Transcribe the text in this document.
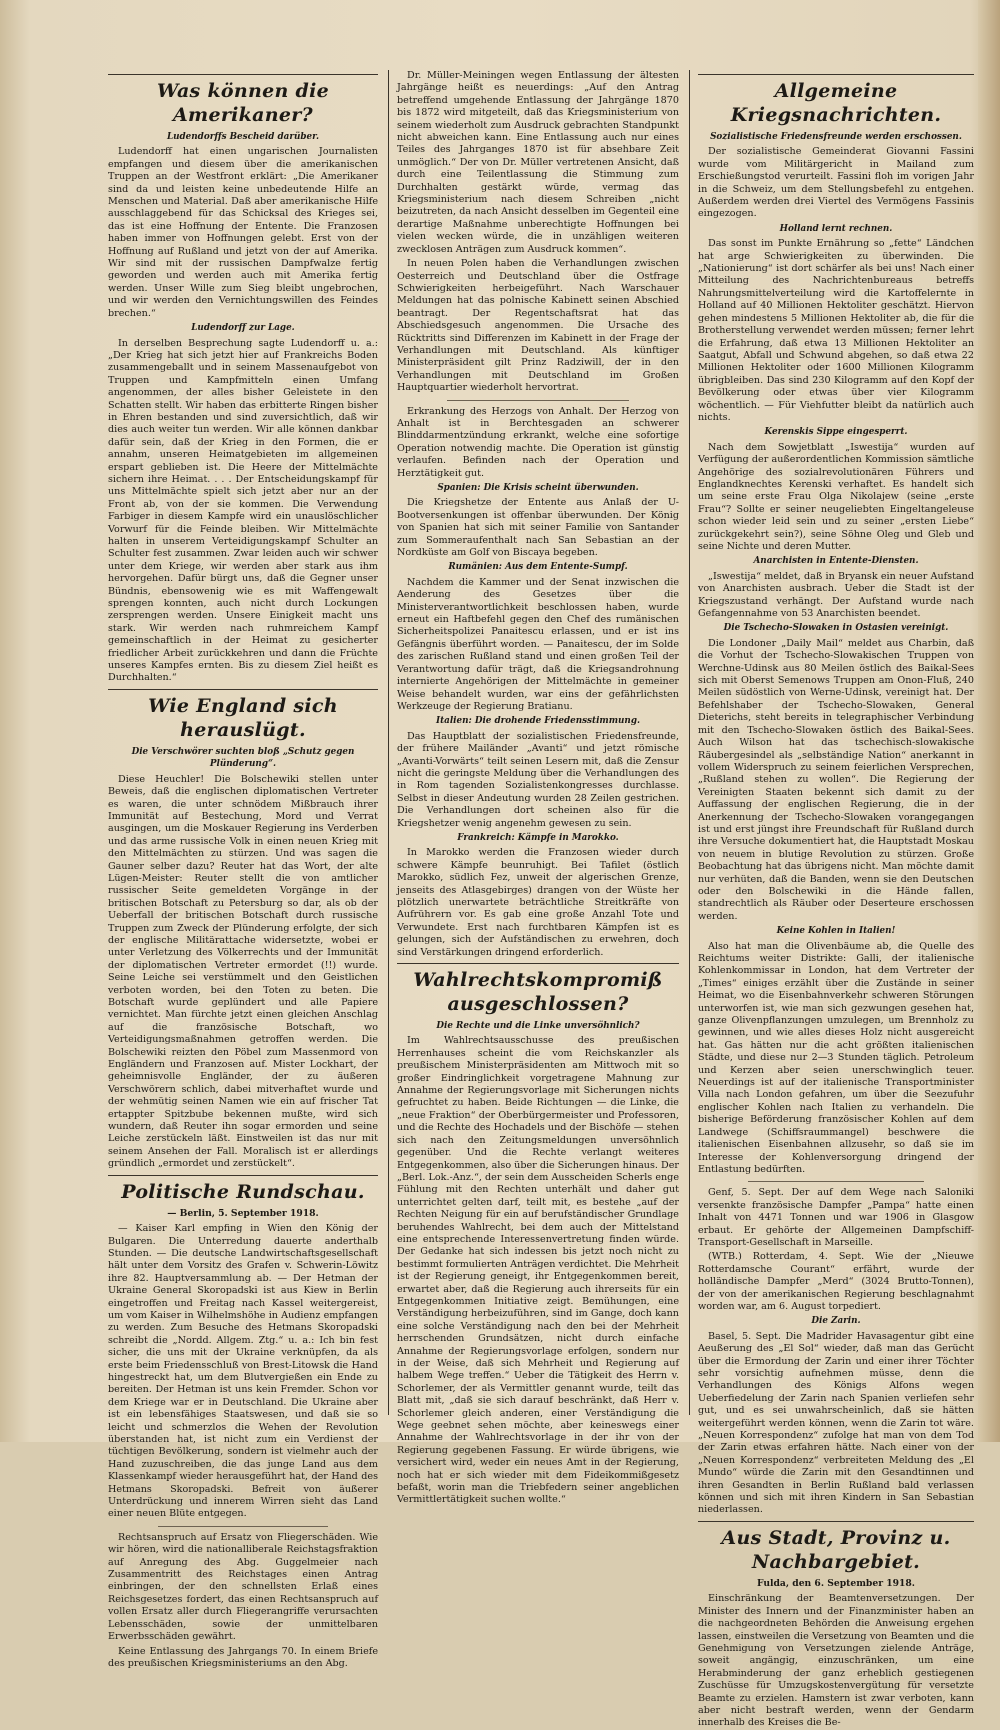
Was können die Amerikaner?
Ludendorffs Bescheid darüber.

Ludendorff hat einen ungarischen Journalisten empfangen und diesem über die amerikanischen Truppen an der Westfront erklärt: „Die Amerikaner sind da und leisten keine unbedeutende Hilfe an Menschen und Material. Daß aber amerikanische Hilfe ausschlaggebend für das Schicksal des Krieges sei, das ist eine Hoffnung der Entente. Die Franzosen haben immer von Hoffnungen gelebt. Erst von der Hoffnung auf Rußland und jetzt von der auf Amerika. Wir sind mit der russischen Dampfwalze fertig geworden und werden auch mit Amerika fertig werden. Unser Wille zum Sieg bleibt ungebrochen, und wir werden den Vernichtungswillen des Feindes brechen.“

Ludendorff zur Lage.

In derselben Besprechung sagte Ludendorff u. a.: „Der Krieg hat sich jetzt hier auf Frankreichs Boden zusammengeballt und in seinem Massenaufgebot von Truppen und Kampfmitteln einen Umfang angenommen, der alles bisher Geleistete in den Schatten stellt. Wir haben das erbitterte Ringen bisher in Ehren bestanden und sind zuversichtlich, daß wir dies auch weiter tun werden. Wir alle können dankbar dafür sein, daß der Krieg in den Formen, die er annahm, unseren Heimatgebieten im allgemeinen erspart geblieben ist. Die Heere der Mittelmächte sichern ihre Heimat. . . . Der Entscheidungskampf für uns Mittelmächte spielt sich jetzt aber nur an der Front ab, von der sie kommen. Die Verwendung Farbiger in diesem Kampfe wird ein unauslöschlicher Vorwurf für die Feinde bleiben. Wir Mittelmächte halten in unserem Verteidigungskampf Schulter an Schulter fest zusammen. Zwar leiden auch wir schwer unter dem Kriege, wir werden aber stark aus ihm hervorgehen. Dafür bürgt uns, daß die Gegner unser Bündnis, ebensowenig wie es mit Waffengewalt sprengen konnten, auch nicht durch Lockungen zersprengen werden. Unsere Einigkeit macht uns stark. Wir werden nach ruhmreichem Kampf gemeinschaftlich in der Heimat zu gesicherter friedlicher Arbeit zurückkehren und dann die Früchte unseres Kampfes ernten. Bis zu diesem Ziel heißt es Durchhalten.“

Wie England sich herauslügt.
Die Verschwörer suchten bloß „Schutz gegen Plünderung“.

Diese Heuchler! Die Bolschewiki stellen unter Beweis, daß die englischen diplomatischen Vertreter es waren, die unter schnödem Mißbrauch ihrer Immunität auf Bestechung, Mord und Verrat ausgingen, um die Moskauer Regierung ins Verderben und das arme russische Volk in einen neuen Krieg mit den Mittelmächten zu stürzen. Und was sagen die Gauner selber dazu? Reuter hat das Wort, der alte Lügen-Meister: Reuter stellt die von amtlicher russischer Seite gemeldeten Vorgänge in der britischen Botschaft zu Petersburg so dar, als ob der Ueberfall der britischen Botschaft durch russische Truppen zum Zweck der Plünderung erfolgte, der sich der englische Militärattache widersetzte, wobei er unter Verletzung des Völkerrechts und der Immunität der diplomatischen Vertreter ermordet (!!) wurde. Seine Leiche sei verstümmelt und den Geistlichen verboten worden, bei den Toten zu beten. Die Botschaft wurde geplündert und alle Papiere vernichtet. Man fürchte jetzt einen gleichen Anschlag auf die französische Botschaft, wo Verteidigungsmaßnahmen getroffen werden. Die Bolschewiki reizten den Pöbel zum Massenmord von Engländern und Franzosen auf. Mister Lockhart, der geheimnisvolle Engländer, der zu äußeren Verschwörern schlich, dabei mitverhaftet wurde und der wehmütig seinen Namen wie ein auf frischer Tat ertappter Spitzbube bekennen mußte, wird sich wundern, daß Reuter ihn sogar ermorden und seine Leiche zerstückeln läßt. Einstweilen ist das nur mit seinem Ansehen der Fall. Moralisch ist er allerdings gründlich „ermordet und zerstückelt“.

Politische Rundschau.
— Berlin, 5. September 1918.

— Kaiser Karl empfing in Wien den König der Bulgaren. Die Unterredung dauerte anderthalb Stunden. — Die deutsche Landwirtschaftsgesellschaft hält unter dem Vorsitz des Grafen v. Schwerin-Löwitz ihre 82. Hauptversammlung ab. — Der Hetman der Ukraine General Skoropadski ist aus Kiew in Berlin eingetroffen und Freitag nach Kassel weitergereist, um vom Kaiser in Wilhelmshöhe in Audienz empfangen zu werden. Zum Besuche des Hetmans Skoropadski schreibt die „Nordd. Allgem. Ztg.“ u. a.: Ich bin fest sicher, die uns mit der Ukraine verknüpfen, da als erste beim Friedensschluß von Brest-Litowsk die Hand hingestreckt hat, um dem Blutvergießen ein Ende zu bereiten. Der Hetman ist uns kein Fremder. Schon vor dem Kriege war er in Deutschland. Die Ukraine aber ist ein lebensfähiges Staatswesen, und daß sie so leicht und schmerzlos die Wehen der Revolution überstanden hat, ist nicht zum ein Verdienst der tüchtigen Bevölkerung, sondern ist vielmehr auch der Hand zuzuschreiben, die das junge Land aus dem Klassenkampf wieder herausgeführt hat, der Hand des Hetmans Skoropadski. Befreit von äußerer Unterdrückung und innerem Wirren sieht das Land einer neuen Blüte entgegen.

Rechtsanspruch auf Ersatz von Fliegerschäden. Wie wir hören, wird die nationalliberale Reichstagsfraktion auf Anregung des Abg. Guggelmeier nach Zusammentritt des Reichstages einen Antrag einbringen, der den schnellsten Erlaß eines Reichsgesetzes fordert, das einen Rechtsanspruch auf vollen Ersatz aller durch Fliegerangriffe verursachten Lebensschäden, sowie der unmittelbaren Erwerbsschäden gewährt.

Keine Entlassung des Jahrgangs 70. In einem Briefe des preußischen Kriegsministeriums an den Abg.

Dr. Müller-Meiningen wegen Entlassung der ältesten Jahrgänge heißt es neuerdings: „Auf den Antrag betreffend umgehende Entlassung der Jahrgänge 1870 bis 1872 wird mitgeteilt, daß das Kriegsministerium von seinem wiederholt zum Ausdruck gebrachten Standpunkt nicht abweichen kann. Eine Entlassung auch nur eines Teiles des Jahrganges 1870 ist für absehbare Zeit unmöglich.“ Der von Dr. Müller vertretenen Ansicht, daß durch eine Teilentlassung die Stimmung zum Durchhalten gestärkt würde, vermag das Kriegsministerium nach diesem Schreiben „nicht beizutreten, da nach Ansicht desselben im Gegenteil eine derartige Maßnahme unberechtigte Hoffnungen bei vielen wecken würde, die in unzähligen weiteren zwecklosen Anträgen zum Ausdruck kommen“.

In neuen Polen haben die Verhandlungen zwischen Oesterreich und Deutschland über die Ostfrage Schwierigkeiten herbeigeführt. Nach Warschauer Meldungen hat das polnische Kabinett seinen Abschied beantragt. Der Regentschaftsrat hat das Abschiedsgesuch angenommen. Die Ursache des Rücktritts sind Differenzen im Kabinett in der Frage der Verhandlungen mit Deutschland. Als künftiger Ministerpräsident gilt Prinz Radziwill, der in den Verhandlungen mit Deutschland im Großen Hauptquartier wiederholt hervortrat.

Erkrankung des Herzogs von Anhalt. Der Herzog von Anhalt ist in Berchtesgaden an schwerer Blinddarmentzündung erkrankt, welche eine sofortige Operation notwendig machte. Die Operation ist günstig verlaufen. Befinden nach der Operation und Herztätigkeit gut.

Spanien: Die Krisis scheint überwunden.

Die Kriegshetze der Entente aus Anlaß der U-Bootversenkungen ist offenbar überwunden. Der König von Spanien hat sich mit seiner Familie von Santander zum Sommeraufenthalt nach San Sebastian an der Nordküste am Golf von Biscaya begeben.

Rumänien: Aus dem Entente-Sumpf.

Nachdem die Kammer und der Senat inzwischen die Aenderung des Gesetzes über die Ministerverantwortlichkeit beschlossen haben, wurde erneut ein Haftbefehl gegen den Chef des rumänischen Sicherheitspolizei Panaitescu erlassen, und er ist ins Gefängnis überführt worden. — Panaitescu, der im Solde des zarischen Rußland stand und einen großen Teil der Verantwortung dafür trägt, daß die Kriegsandrohnung internierte Angehörigen der Mittelmächte in gemeiner Weise behandelt wurden, war eins der gefährlichsten Werkzeuge der Regierung Bratianu.

Italien: Die drohende Friedensstimmung.

Das Hauptblatt der sozialistischen Friedensfreunde, der frühere Mailänder „Avanti“ und jetzt römische „Avanti-Vorwärts“ teilt seinen Lesern mit, daß die Zensur nicht die geringste Meldung über die Verhandlungen des in Rom tagenden Sozialistenkongresses durchlasse. Selbst in dieser Andeutung wurden 28 Zeilen gestrichen. Die Verhandlungen dort scheinen also für die Kriegshetzer wenig angenehm gewesen zu sein.

Frankreich: Kämpfe in Marokko.

In Marokko werden die Franzosen wieder durch schwere Kämpfe beunruhigt. Bei Tafilet (östlich Marokko, südlich Fez, unweit der algerischen Grenze, jenseits des Atlasgebirges) drangen von der Wüste her plötzlich unerwartete beträchtliche Streitkräfte von Aufrührern vor. Es gab eine große Anzahl Tote und Verwundete. Erst nach furchtbaren Kämpfen ist es gelungen, sich der Aufständischen zu erwehren, doch sind Verstärkungen dringend erforderlich.

Wahlrechtskompromiß ausgeschlossen?
Die Rechte und die Linke unversöhnlich?

Im Wahlrechtsausschusse des preußischen Herrenhauses scheint die vom Reichskanzler als preußischem Ministerpräsidenten am Mittwoch mit so großer Eindringlichkeit vorgetragene Mahnung zur Annahme der Regierungsvorlage mit Sicherungen nichts gefruchtet zu haben. Beide Richtungen — die Linke, die „neue Fraktion“ der Oberbürgermeister und Professoren, und die Rechte des Hochadels und der Bischöfe — stehen sich nach den Zeitungsmeldungen unversöhnlich gegenüber. Und die Rechte verlangt weiteres Entgegenkommen, also über die Sicherungen hinaus. Der „Berl. Lok.-Anz.“, der sein dem Ausscheiden Scherls enge Fühlung mit den Rechten unterhält und daher gut unterrichtet gelten darf, teilt mit, es bestehe „auf der Rechten Neigung für ein auf berufständischer Grundlage beruhendes Wahlrecht, bei dem auch der Mittelstand eine entsprechende Interessenvertretung finden würde. Der Gedanke hat sich indessen bis jetzt noch nicht zu bestimmt formulierten Anträgen verdichtet. Die Mehrheit ist der Regierung geneigt, ihr Entgegenkommen bereit, erwartet aber, daß die Regierung auch ihrerseits für ein Entgegenkommen Initiative zeigt. Bemühungen, eine Verständigung herbeizuführen, sind im Gange, doch kann eine solche Verständigung nach den bei der Mehrheit herrschenden Grundsätzen, nicht durch einfache Annahme der Regierungsvorlage erfolgen, sondern nur in der Weise, daß sich Mehrheit und Regierung auf halbem Wege treffen.“ Ueber die Tätigkeit des Herrn v. Schorlemer, der als Vermittler genannt wurde, teilt das Blatt mit, „daß sie sich darauf beschränkt, daß Herr v. Schorlemer gleich anderen, einer Verständigung die Wege geebnet sehen möchte, aber keineswegs einer Annahme der Wahlrechtsvorlage in der ihr von der Regierung gegebenen Fassung. Er würde übrigens, wie versichert wird, weder ein neues Amt in der Regierung, noch hat er sich wieder mit dem Fideikommißgesetz befaßt, worin man die Triebfedern seiner angeblichen Vermittlertätigkeit suchen wollte.“

Allgemeine Kriegsnachrichten.
Sozialistische Friedensfreunde werden erschossen.

Der sozialistische Gemeinderat Giovanni Fassini wurde vom Militärgericht in Mailand zum Erschießungstod verurteilt. Fassini floh im vorigen Jahr in die Schweiz, um dem Stellungsbefehl zu entgehen. Außerdem werden drei Viertel des Vermögens Fassinis eingezogen.

Holland lernt rechnen.

Das sonst im Punkte Ernährung so „fette“ Ländchen hat arge Schwierigkeiten zu überwinden. Die „Nationierung“ ist dort schärfer als bei uns! Nach einer Mitteilung des Nachrichtenbureaus betreffs Nahrungsmittelverteilung wird die Kartoffelernte in Holland auf 40 Millionen Hektoliter geschätzt. Hiervon gehen mindestens 5 Millionen Hektoliter ab, die für die Brotherstellung verwendet werden müssen; ferner lehrt die Erfahrung, daß etwa 13 Millionen Hektoliter an Saatgut, Abfall und Schwund abgehen, so daß etwa 22 Millionen Hektoliter oder 1600 Millionen Kilogramm übrigbleiben. Das sind 230 Kilogramm auf den Kopf der Bevölkerung oder etwas über vier Kilogramm wöchentlich. — Für Viehfutter bleibt da natürlich auch nichts.

Kerenskis Sippe eingesperrt.

Nach dem Sowjetblatt „Iswestija“ wurden auf Verfügung der außerordentlichen Kommission sämtliche Angehörige des sozialrevolutionären Führers und Englandknechtes Kerenski verhaftet. Es handelt sich um seine erste Frau Olga Nikolajew (seine „erste Frau“? Sollte er seiner neugeliebten Eingeltangeleuse schon wieder leid sein und zu seiner „ersten Liebe“ zurückgekehrt sein?), seine Söhne Oleg und Gleb und seine Nichte und deren Mutter.

Anarchisten in Entente-Diensten.

„Iswestija“ meldet, daß in Bryansk ein neuer Aufstand von Anarchisten ausbrach. Ueber die Stadt ist der Kriegszustand verhängt. Der Aufstand wurde nach Gefangennahme von 53 Anarchisten beendet.

Die Tschecho-Slowaken in Ostasien vereinigt.

Die Londoner „Daily Mail“ meldet aus Charbin, daß die Vorhut der Tschecho-Slowakischen Truppen von Werchne-Udinsk aus 80 Meilen östlich des Baikal-Sees sich mit Oberst Semenows Truppen am Onon-Fluß, 240 Meilen südöstlich von Werne-Udinsk, vereinigt hat. Der Befehlshaber der Tschecho-Slowaken, General Dieterichs, steht bereits in telegraphischer Verbindung mit den Tschecho-Slowaken östlich des Baikal-Sees. Auch Wilson hat das tschechisch-slowakische Räubergesindel als „selbständige Nation“ anerkannt in vollem Widerspruch zu seinem feierlichen Versprechen, „Rußland stehen zu wollen“. Die Regierung der Vereinigten Staaten bekennt sich damit zu der Auffassung der englischen Regierung, die in der Anerkennung der Tschecho-Slowaken vorangegangen ist und erst jüngst ihre Freundschaft für Rußland durch ihre Versuche dokumentiert hat, die Hauptstadt Moskau von neuem in blutige Revolution zu stürzen. Große Beobachtung hat das übrigens nicht. Man möchte damit nur verhüten, daß die Banden, wenn sie den Deutschen oder den Bolschewiki in die Hände fallen, standrechtlich als Räuber oder Deserteure erschossen werden.

Keine Kohlen in Italien!

Also hat man die Olivenbäume ab, die Quelle des Reichtums weiter Distrikte: Galli, der italienische Kohlenkommissar in London, hat dem Vertreter der „Times“ einiges erzählt über die Zustände in seiner Heimat, wo die Eisenbahnverkehr schweren Störungen unterworfen ist, wie man sich gezwungen gesehen hat, ganze Olivenpflanzungen umzulegen, um Brennholz zu gewinnen, und wie alles dieses Holz nicht ausgereicht hat. Gas hätten nur die acht größten italienischen Städte, und diese nur 2—3 Stunden täglich. Petroleum und Kerzen aber seien unerschwinglich teuer. Neuerdings ist auf der italienische Transportminister Villa nach London gefahren, um über die Seezufuhr englischer Kohlen nach Italien zu verhandeln. Die bisherige Beförderung französischer Kohlen auf dem Landwege (Schiffsraummangel) beschwere die italienischen Eisenbahnen allzusehr, so daß sie im Interesse der Kohlenversorgung dringend der Entlastung bedürften.

Genf, 5. Sept. Der auf dem Wege nach Saloniki versenkte französische Dampfer „Pampa“ hatte einen Inhalt von 4471 Tonnen und war 1906 in Glasgow erbaut. Er gehörte der Allgemeinen Dampfschiff-Transport-Gesellschaft in Marseille.

(WTB.) Rotterdam, 4. Sept. Wie der „Nieuwe Rotterdamsche Courant“ erfährt, wurde der holländische Dampfer „Merd“ (3024 Brutto-Tonnen), der von der amerikanischen Regierung beschlagnahmt worden war, am 6. August torpediert.

Die Zarin.

Basel, 5. Sept. Die Madrider Havasagentur gibt eine Aeußerung des „El Sol“ wieder, daß man das Gerücht über die Ermordung der Zarin und einer ihrer Töchter sehr vorsichtig aufnehmen müsse, denn die Verhandlungen des Königs Alfons wegen Ueberfiedelung der Zarin nach Spanien verliefen sehr gut, und es sei unwahrscheinlich, daß sie hätten weitergeführt werden können, wenn die Zarin tot wäre. „Neuen Korrespondenz“ zufolge hat man von dem Tod der Zarin etwas erfahren hätte. Nach einer von der „Neuen Korrespondenz“ verbreiteten Meldung des „El Mundo“ würde die Zarin mit den Gesandtinnen und ihren Gesandten in Berlin Rußland bald verlassen können und sich mit ihren Kindern in San Sebastian niederlassen.

Aus Stadt, Provinz u. Nachbargebiet.
Fulda, den 6. September 1918.

Einschränkung der Beamtenversetzungen. Der Minister des Innern und der Finanzminister haben an die nachgeordneten Behörden die Anweisung ergehen lassen, einstweilen die Versetzung von Beamten und die Genehmigung von Versetzungen zielende Anträge, soweit angängig, einzuschränken, um eine Herabminderung der ganz erheblich gestiegenen Zuschüsse für Umzugskostenvergütung für versetzte Beamte zu erzielen. Hamstern ist zwar verboten, kann aber nicht bestraft werden, wenn der Gendarm innerhalb des Kreises die Be-
